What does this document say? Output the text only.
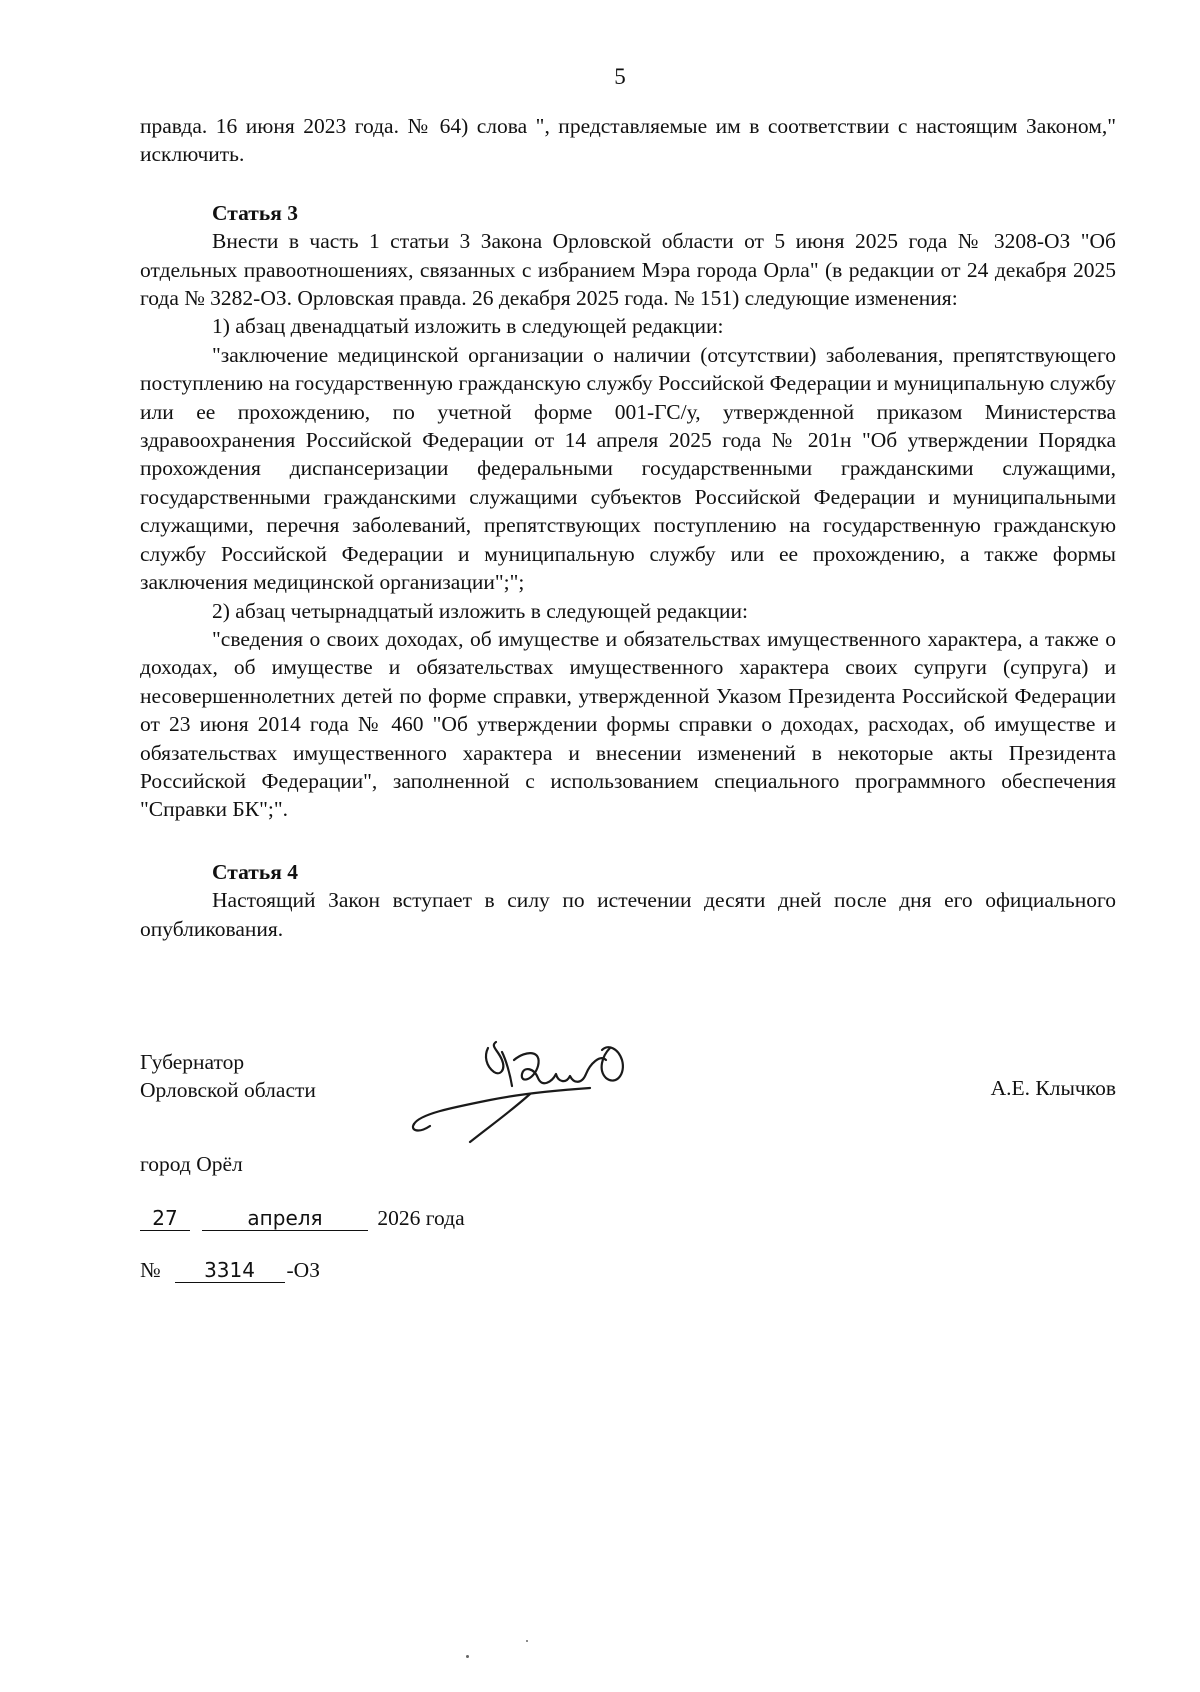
5

правда. 16 июня 2023 года. № 64) слова ", представляемые им в соответствии с настоящим Законом," исключить.

Статья 3

Внести в часть 1 статьи 3 Закона Орловской области от 5 июня 2025 года № 3208-ОЗ "Об отдельных правоотношениях, связанных с избранием Мэра города Орла" (в редакции от 24 декабря 2025 года № 3282-ОЗ. Орловская правда. 26 декабря 2025 года. № 151) следующие изменения:

1) абзац двенадцатый изложить в следующей редакции:

"заключение медицинской организации о наличии (отсутствии) заболевания, препятствующего поступлению на государственную гражданскую службу Российской Федерации и муниципальную службу или ее прохождению, по учетной форме 001-ГС/у, утвержденной приказом Министерства здравоохранения Российской Федерации от 14 апреля 2025 года № 201н "Об утверждении Порядка прохождения диспансеризации федеральными государственными гражданскими служащими, государственными гражданскими служащими субъектов Российской Федерации и муниципальными служащими, перечня заболеваний, препятствующих поступлению на государственную гражданскую службу Российской Федерации и муниципальную службу или ее прохождению, а также формы заключения медицинской организации";";

2) абзац четырнадцатый изложить в следующей редакции:

"сведения о своих доходах, об имуществе и обязательствах имущественного характера, а также о доходах, об имуществе и обязательствах имущественного характера своих супруги (супруга) и несовершеннолетних детей по форме справки, утвержденной Указом Президента Российской Федерации от 23 июня 2014 года № 460 "Об утверждении формы справки о доходах, расходах, об имуществе и обязательствах имущественного характера и внесении изменений в некоторые акты Президента Российской Федерации", заполненной с использованием специального программного обеспечения "Справки БК";".

Статья 4

Настоящий Закон вступает в силу по истечении десяти дней после дня его официального опубликования.

Губернатор
Орловской области	А.Е. Клычков
город Орёл
27	апреля	2026 года
№ 3314 -ОЗ
